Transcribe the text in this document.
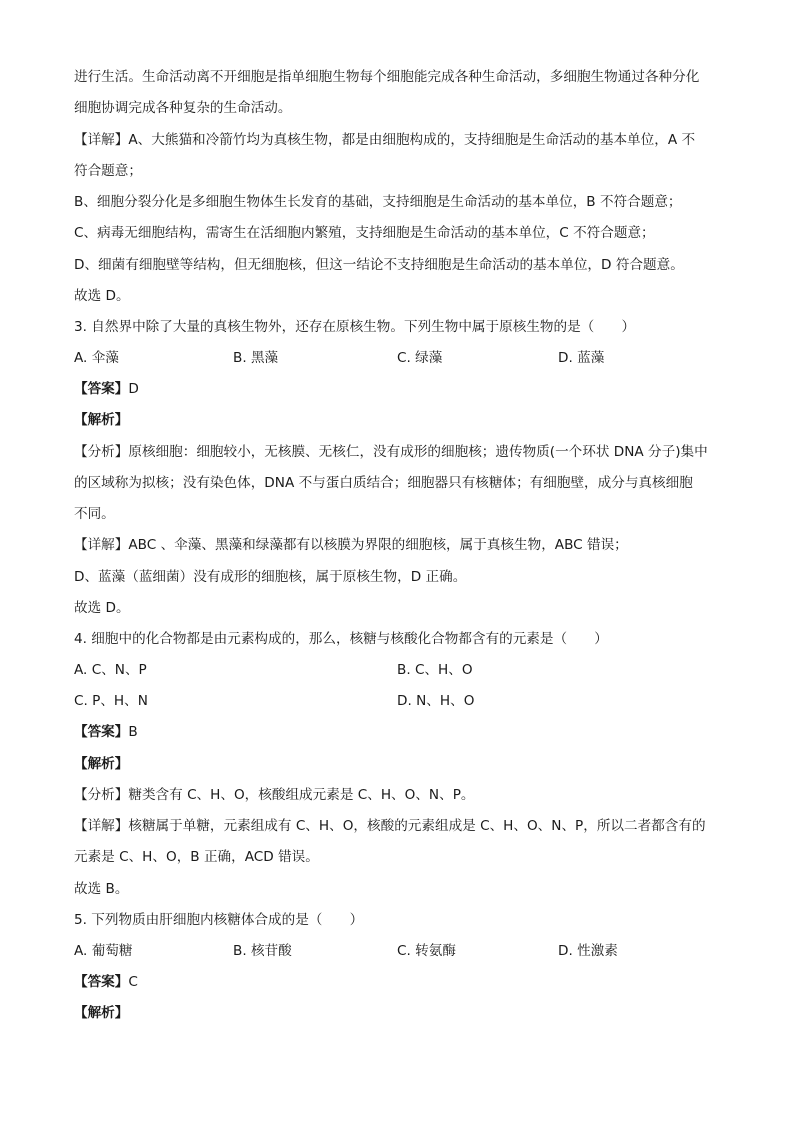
进行生活。生命活动离不开细胞是指单细胞生物每个细胞能完成各种生命活动，多细胞生物通过各种分化
细胞协调完成各种复杂的生命活动。
【详解】A、大熊猫和冷箭竹均为真核生物，都是由细胞构成的，支持细胞是生命活动的基本单位，A 不
符合题意；
B、细胞分裂分化是多细胞生物体生长发育的基础，支持细胞是生命活动的基本单位，B 不符合题意；
C、病毒无细胞结构，需寄生在活细胞内繁殖，支持细胞是生命活动的基本单位，C 不符合题意；
D、细菌有细胞壁等结构，但无细胞核，但这一结论不支持细胞是生命活动的基本单位，D 符合题意。
故选 D。
3. 自然界中除了大量的真核生物外，还存在原核生物。下列生物中属于原核生物的是（　　）
A. 伞藻	B. 黑藻	C. 绿藻	D. 蓝藻
【答案】D
【解析】
【分析】原核细胞：细胞较小，无核膜、无核仁，没有成形的细胞核；遗传物质(一个环状 DNA 分子)集中
的区域称为拟核；没有染色体，DNA 不与蛋白质结合；细胞器只有核糖体；有细胞壁，成分与真核细胞
不同。
【详解】ABC 、伞藻、黑藻和绿藻都有以核膜为界限的细胞核，属于真核生物，ABC 错误；
D、蓝藻（蓝细菌）没有成形的细胞核，属于原核生物，D 正确。
故选 D。
4. 细胞中的化合物都是由元素构成的，那么，核糖与核酸化合物都含有的元素是（　　）
A. C、N、P	B. C、H、O
C. P、H、N	D. N、H、O
【答案】B
【解析】
【分析】糖类含有 C、H、O，核酸组成元素是 C、H、O、N、P。
【详解】核糖属于单糖，元素组成有 C、H、O，核酸的元素组成是 C、H、O、N、P，所以二者都含有的
元素是 C、H、O，B 正确，ACD 错误。
故选 B。
5. 下列物质由肝细胞内核糖体合成的是（　　）
A. 葡萄糖	B. 核苷酸	C. 转氨酶	D. 性激素
【答案】C
【解析】
